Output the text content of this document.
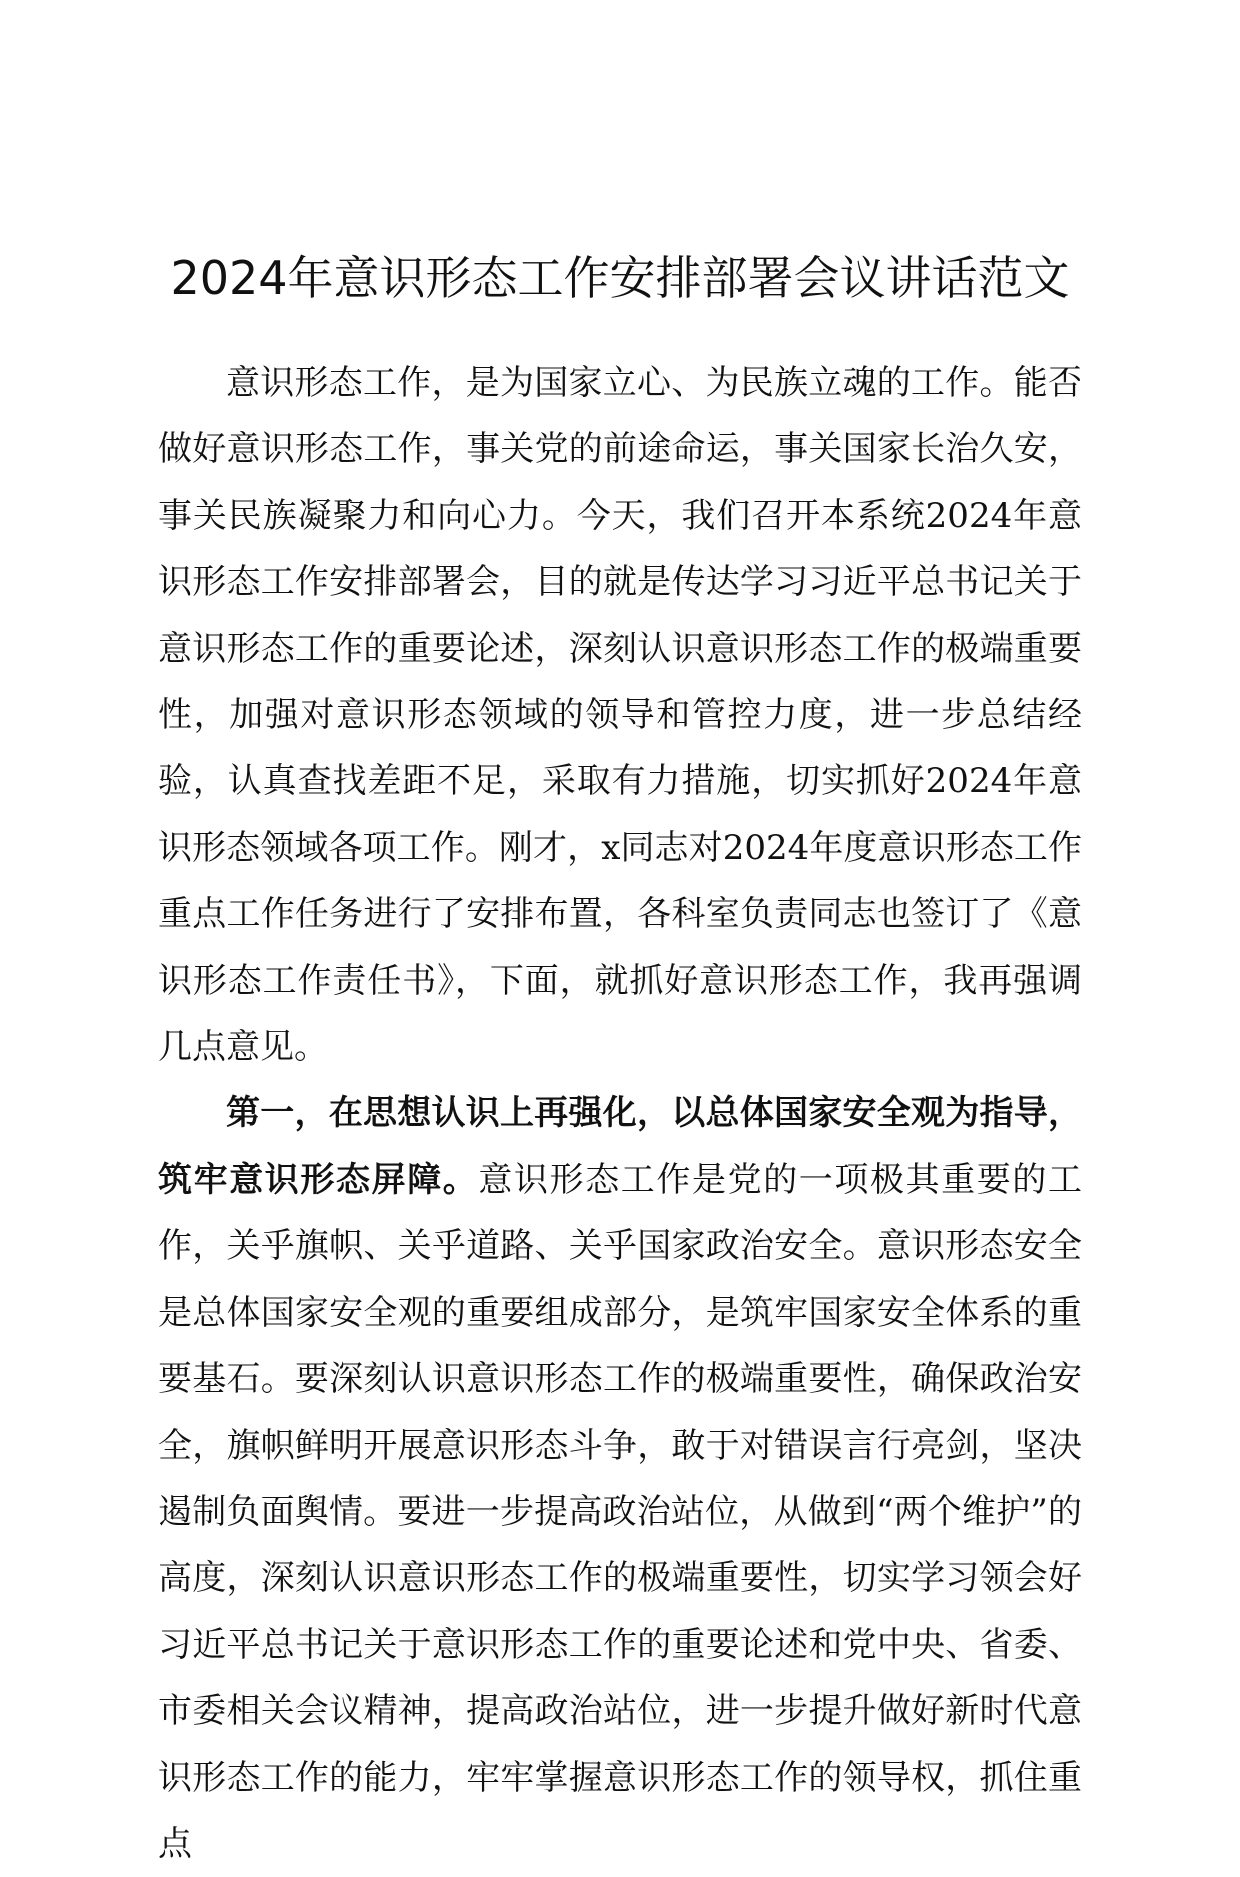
2024年意识形态工作安排部署会议讲话范文

意识形态工作，是为国家立心、为民族立魂的工作。能否做好意识形态工作，事关党的前途命运，事关国家长治久安，事关民族凝聚力和向心力。今天，我们召开本系统2024年意识形态工作安排部署会，目的就是传达学习习近平总书记关于意识形态工作的重要论述，深刻认识意识形态工作的极端重要性，加强对意识形态领域的领导和管控力度，进一步总结经验，认真查找差距不足，采取有力措施，切实抓好2024年意识形态领域各项工作。刚才，x同志对2024年度意识形态工作重点工作任务进行了安排布置，各科室负责同志也签订了《意识形态工作责任书》，下面，就抓好意识形态工作，我再强调几点意见。

第一，在思想认识上再强化，以总体国家安全观为指导，筑牢意识形态屏障。意识形态工作是党的一项极其重要的工作，关乎旗帜、关乎道路、关乎国家政治安全。意识形态安全是总体国家安全观的重要组成部分，是筑牢国家安全体系的重要基石。要深刻认识意识形态工作的极端重要性，确保政治安全，旗帜鲜明开展意识形态斗争，敢于对错误言行亮剑，坚决遏制负面舆情。要进一步提高政治站位，从做到“两个维护”的高度，深刻认识意识形态工作的极端重要性，切实学习领会好习近平总书记关于意识形态工作的重要论述和党中央、省委、市委相关会议精神，提高政治站位，进一步提升做好新时代意识形态工作的能力，牢牢掌握意识形态工作的领导权，抓住重点
